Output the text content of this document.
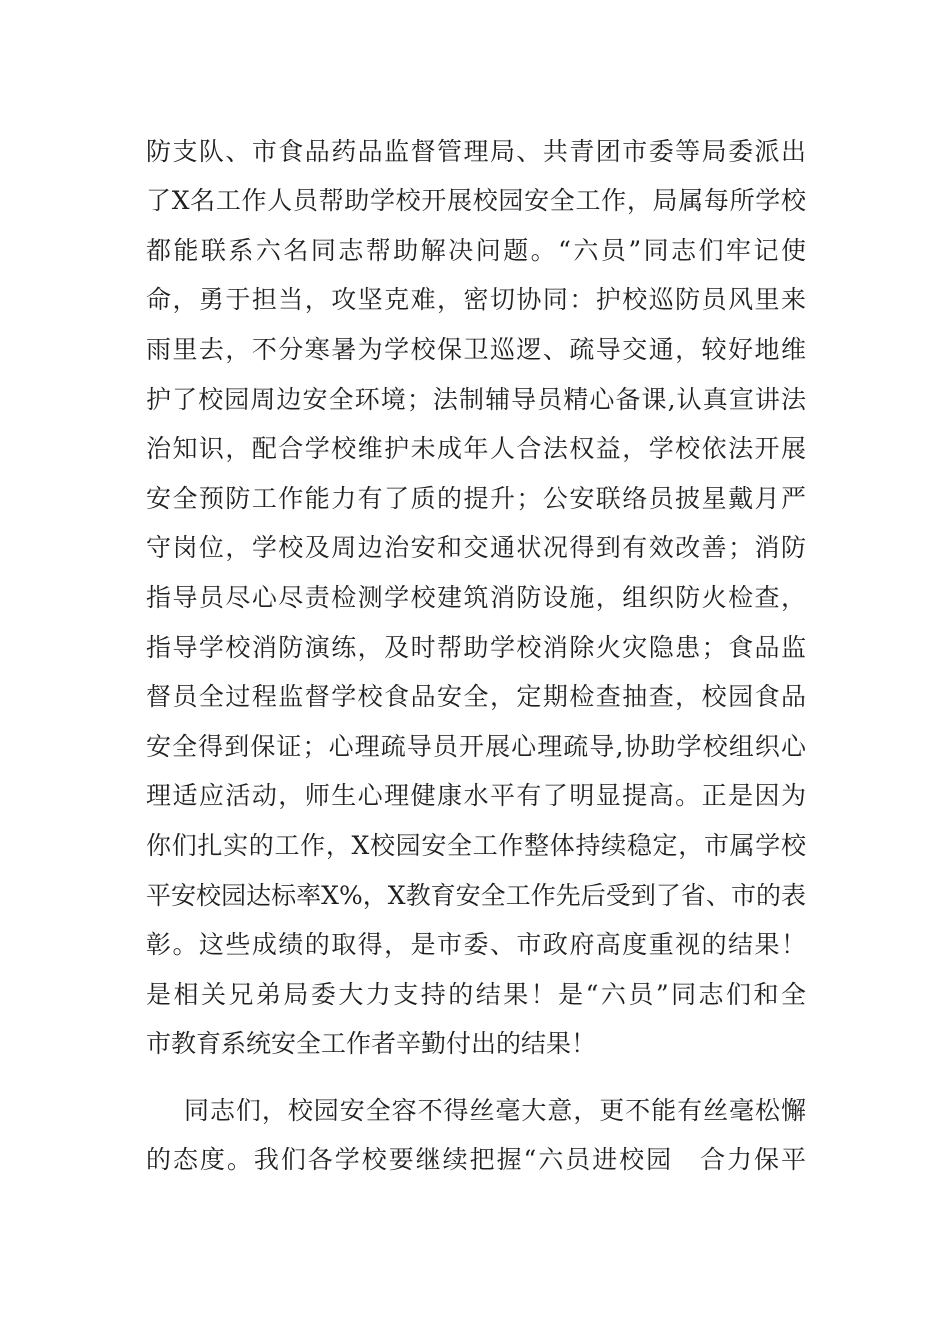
防支队、市食品药品监督管理局、共青团市委等局委派出
了X名工作人员帮助学校开展校园安全工作，局属每所学校
都能联系六名同志帮助解决问题。“六员”同志们牢记使
命，勇于担当，攻坚克难，密切协同：护校巡防员风里来
雨里去，不分寒暑为学校保卫巡逻、疏导交通，较好地维
护了校园周边安全环境；法制辅导员精心备课,认真宣讲法
治知识，配合学校维护未成年人合法权益，学校依法开展
安全预防工作能力有了质的提升；公安联络员披星戴月严
守岗位，学校及周边治安和交通状况得到有效改善；消防
指导员尽心尽责检测学校建筑消防设施，组织防火检查，
指导学校消防演练，及时帮助学校消除火灾隐患；食品监
督员全过程监督学校食品安全，定期检查抽查，校园食品
安全得到保证；心理疏导员开展心理疏导,协助学校组织心
理适应活动，师生心理健康水平有了明显提高。正是因为
你们扎实的工作，X校园安全工作整体持续稳定，市属学校
平安校园达标率X%，X教育安全工作先后受到了省、市的表
彰。这些成绩的取得，是市委、市政府高度重视的结果！
是相关兄弟局委大力支持的结果！是“六员”同志们和全
市教育系统安全工作者辛勤付出的结果！
同志们，校园安全容不得丝毫大意，更不能有丝毫松懈
的态度。我们各学校要继续把握“六员进校园　合力保平
